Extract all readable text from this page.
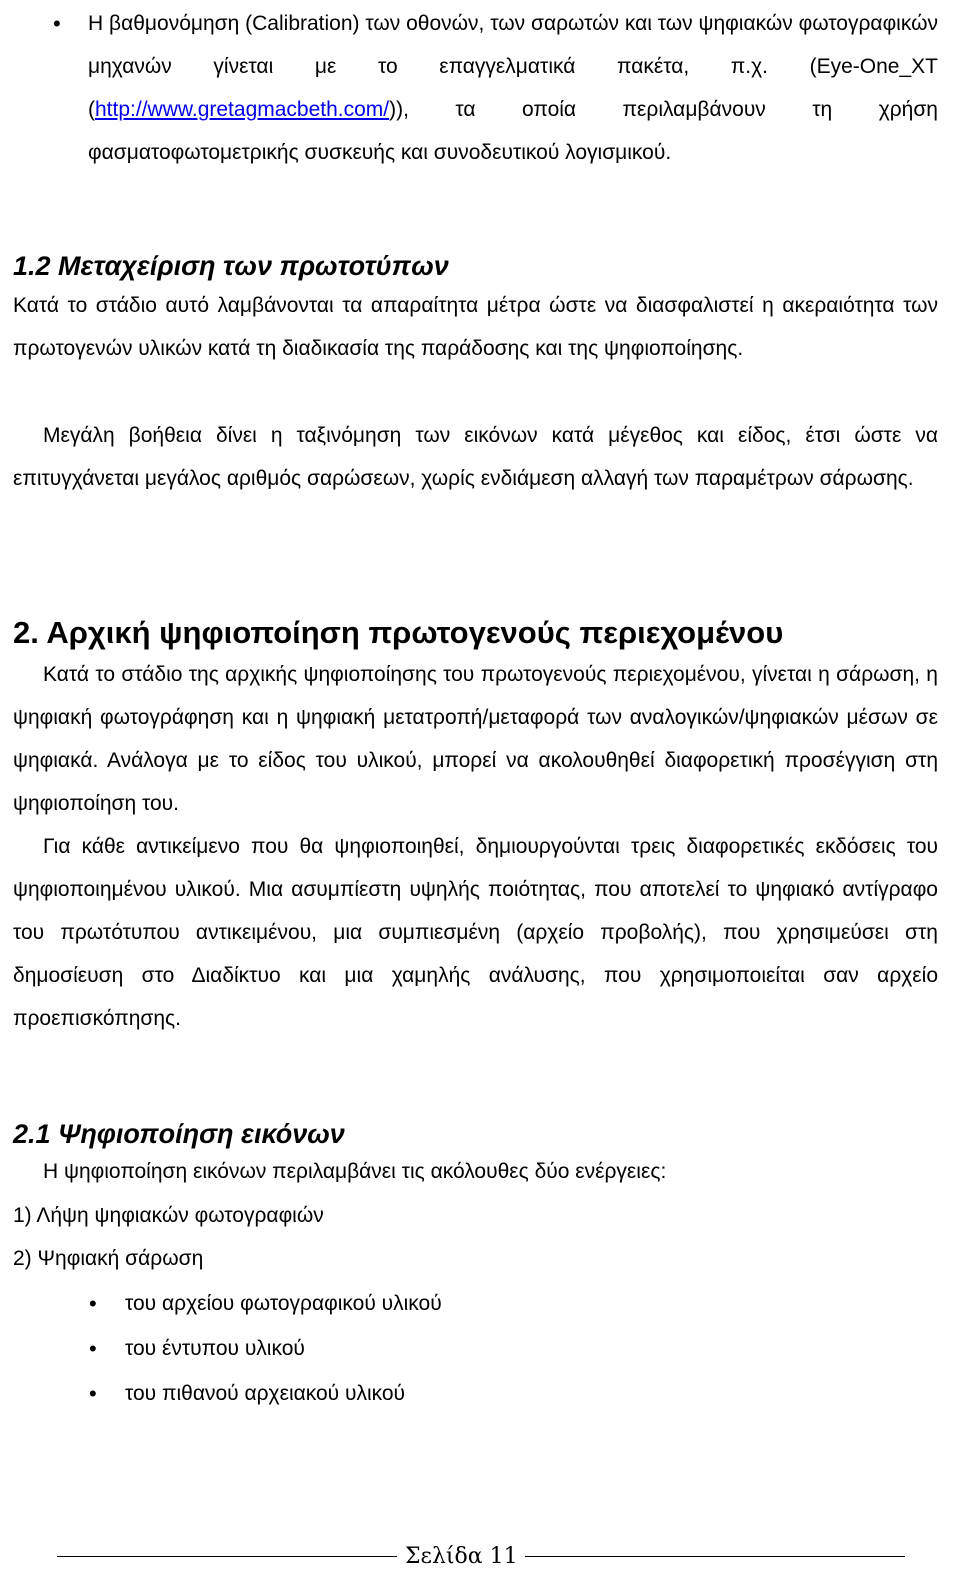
• Η βαθμονόμηση (Calibration) των οθονών, των σαρωτών και των ψηφιακών φωτογραφικών μηχανών γίνεται με το επαγγελματικά πακέτα, π.χ. (Eye-One_XT (http://www.gretagmacbeth.com/)), τα οποία περιλαμβάνουν τη χρήση φασματοφωτομετρικής συσκευής και συνοδευτικού λογισμικού.

1.2 Μεταχείριση των πρωτοτύπων

Κατά το στάδιο αυτό λαμβάνονται τα απαραίτητα μέτρα ώστε να διασφαλιστεί η ακεραιότητα των πρωτογενών υλικών κατά τη διαδικασία της παράδοσης και της ψηφιοποίησης.

Μεγάλη βοήθεια δίνει η ταξινόμηση των εικόνων κατά μέγεθος και είδος, έτσι ώστε να επιτυγχάνεται μεγάλος αριθμός σαρώσεων, χωρίς ενδιάμεση αλλαγή των παραμέτρων σάρωσης.

2. Αρχική ψηφιοποίηση πρωτογενούς περιεχομένου

Κατά το στάδιο της αρχικής ψηφιοποίησης του πρωτογενούς περιεχομένου, γίνεται η σάρωση, η ψηφιακή φωτογράφηση και η ψηφιακή μετατροπή/μεταφορά των αναλογικών/ψηφιακών μέσων σε ψηφιακά. Ανάλογα με το είδος του υλικού, μπορεί να ακολουθηθεί διαφορετική προσέγγιση στη ψηφιοποίηση του.

Για κάθε αντικείμενο που θα ψηφιοποιηθεί, δημιουργούνται τρεις διαφορετικές εκδόσεις του ψηφιοποιημένου υλικού. Μια ασυμπίεστη υψηλής ποιότητας, που αποτελεί το ψηφιακό αντίγραφο του πρωτότυπου αντικειμένου, μια συμπιεσμένη (αρχείο προβολής), που χρησιμεύσει στη δημοσίευση στο Διαδίκτυο και μια χαμηλής ανάλυσης, που χρησιμοποιείται σαν αρχείο προεπισκόπησης.

2.1 Ψηφιοποίηση εικόνων

Η ψηφιοποίηση εικόνων περιλαμβάνει τις ακόλουθες δύο ενέργειες:

1) Λήψη ψηφιακών φωτογραφιών

2) Ψηφιακή σάρωση

• του αρχείου φωτογραφικού υλικού
• του έντυπου υλικού
• του πιθανού αρχειακού υλικού
Σελίδα 11
